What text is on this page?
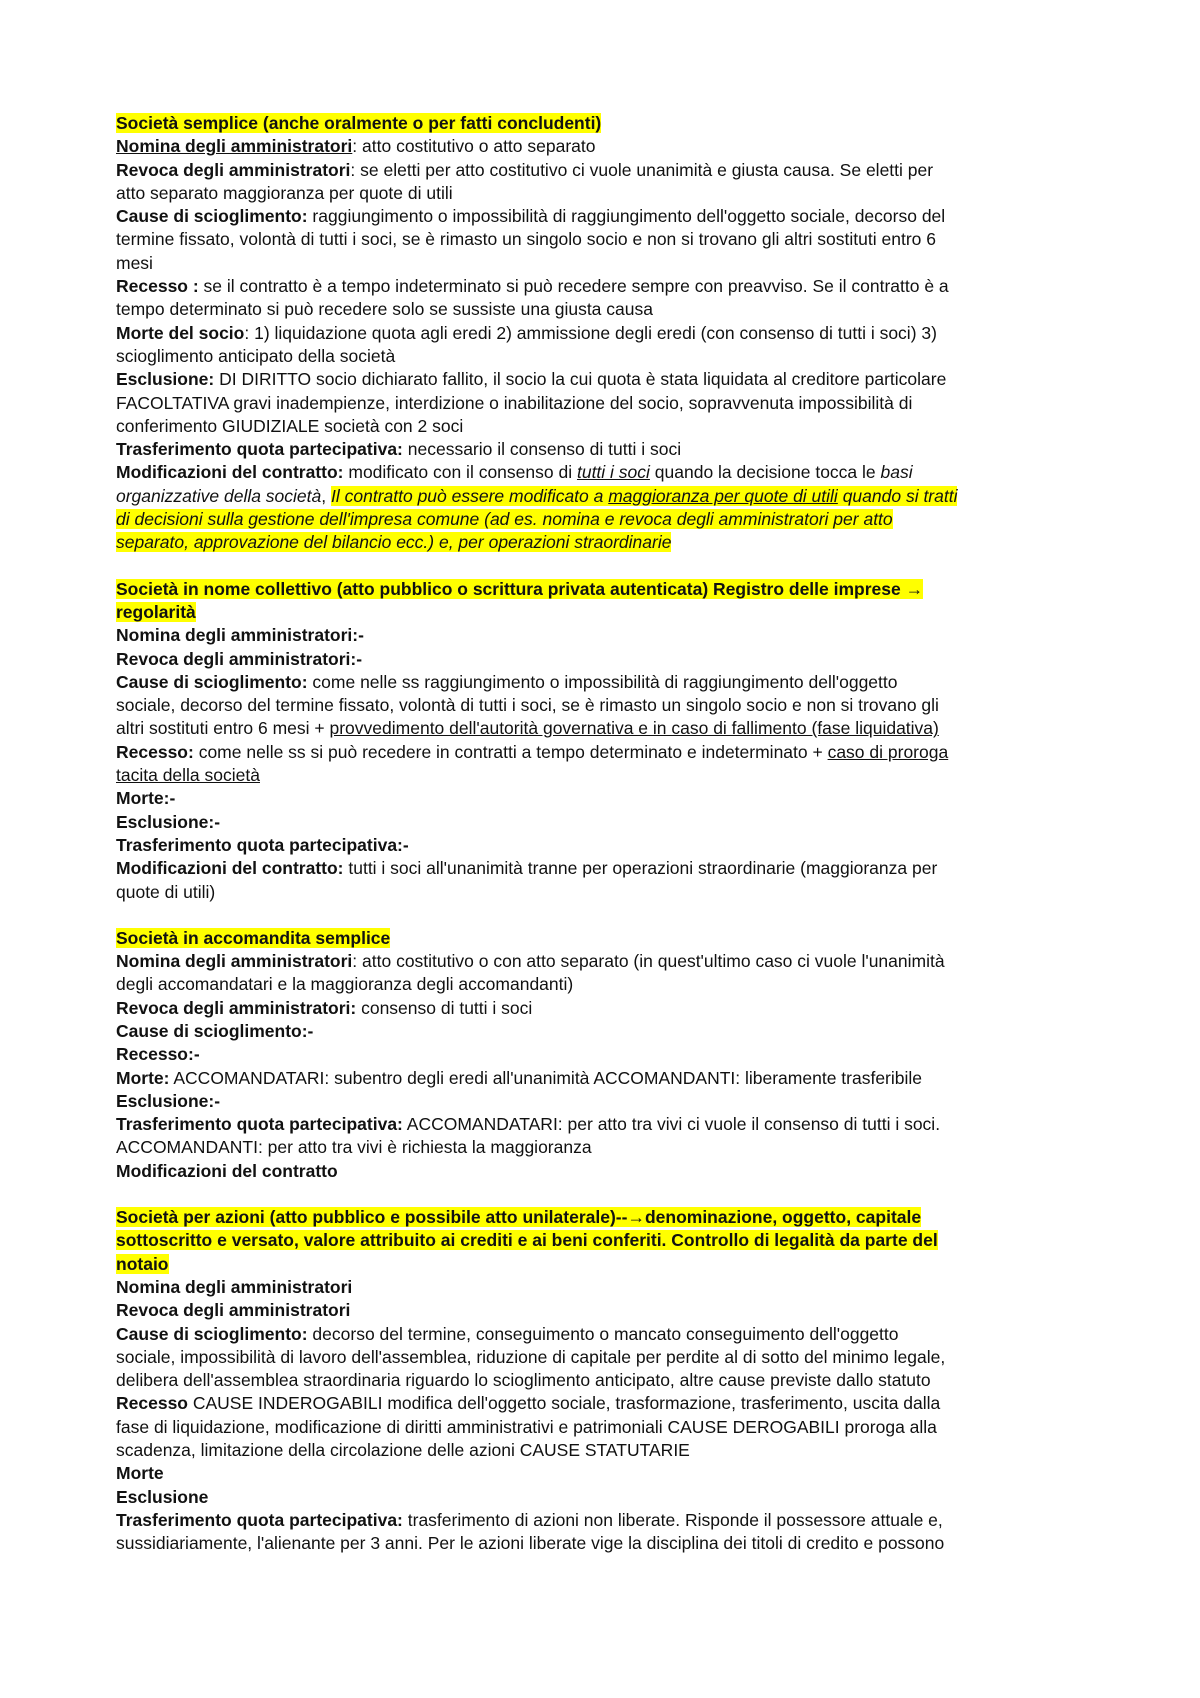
Società semplice (anche oralmente o per fatti concludenti)
Nomina degli amministratori: atto costitutivo o atto separato
Revoca degli amministratori: se eletti per atto costitutivo ci vuole unanimità e giusta causa. Se eletti per
atto separato maggioranza per quote di utili
Cause di scioglimento: raggiungimento o impossibilità di raggiungimento dell'oggetto sociale, decorso del
termine fissato, volontà di tutti i soci, se è rimasto un singolo socio e non si trovano gli altri sostituti entro 6
mesi
Recesso : se il contratto è a tempo indeterminato si può recedere sempre con preavviso. Se il contratto è a
tempo determinato si può recedere solo se sussiste una giusta causa
Morte del socio: 1) liquidazione quota agli eredi 2) ammissione degli eredi (con consenso di tutti i soci) 3)
scioglimento anticipato della società
Esclusione: DI DIRITTO socio dichiarato fallito, il socio la cui quota è stata liquidata al creditore particolare
FACOLTATIVA gravi inadempienze, interdizione o inabilitazione del socio, sopravvenuta impossibilità di
conferimento GIUDIZIALE società con 2 soci
Trasferimento quota partecipativa: necessario il consenso di tutti i soci
Modificazioni del contratto: modificato con il consenso di tutti i soci quando la decisione tocca le basi
organizzative della società, Il contratto può essere modificato a maggioranza per quote di utili quando si tratti
di decisioni sulla gestione dell'impresa comune (ad es. nomina e revoca degli amministratori per atto
separato, approvazione del bilancio ecc.) e, per operazioni straordinarie
Società in nome collettivo (atto pubblico o scrittura privata autenticata) Registro delle imprese →
regolarità
Nomina degli amministratori:-
Revoca degli amministratori:-
Cause di scioglimento: come nelle ss raggiungimento o impossibilità di raggiungimento dell'oggetto
sociale, decorso del termine fissato, volontà di tutti i soci, se è rimasto un singolo socio e non si trovano gli
altri sostituti entro 6 mesi + provvedimento dell'autorità governativa e in caso di fallimento (fase liquidativa)
Recesso: come nelle ss si può recedere in contratti a tempo determinato e indeterminato + caso di proroga
tacita della società
Morte:-
Esclusione:-
Trasferimento quota partecipativa:-
Modificazioni del contratto: tutti i soci all'unanimità tranne per operazioni straordinarie (maggioranza per
quote di utili)
Società in accomandita semplice
Nomina degli amministratori: atto costitutivo o con atto separato (in quest'ultimo caso ci vuole l'unanimità
degli accomandatari e la maggioranza degli accomandanti)
Revoca degli amministratori: consenso di tutti i soci
Cause di scioglimento:-
Recesso:-
Morte: ACCOMANDATARI: subentro degli eredi all'unanimità ACCOMANDANTI: liberamente trasferibile
Esclusione:-
Trasferimento quota partecipativa: ACCOMANDATARI: per atto tra vivi ci vuole il consenso di tutti i soci.
ACCOMANDANTI: per atto tra vivi è richiesta la maggioranza
Modificazioni del contratto
Società per azioni (atto pubblico e possibile atto unilaterale)--→denominazione, oggetto, capitale
sottoscritto e versato, valore attribuito ai crediti e ai beni conferiti. Controllo di legalità da parte del
notaio
Nomina degli amministratori
Revoca degli amministratori
Cause di scioglimento: decorso del termine, conseguimento o mancato conseguimento dell'oggetto
sociale, impossibilità di lavoro dell'assemblea, riduzione di capitale per perdite al di sotto del minimo legale,
delibera dell'assemblea straordinaria riguardo lo scioglimento anticipato, altre cause previste dallo statuto
Recesso CAUSE INDEROGABILI modifica dell'oggetto sociale, trasformazione, trasferimento, uscita dalla
fase di liquidazione, modificazione di diritti amministrativi e patrimoniali CAUSE DEROGABILI proroga alla
scadenza, limitazione della circolazione delle azioni CAUSE STATUTARIE
Morte
Esclusione
Trasferimento quota partecipativa: trasferimento di azioni non liberate. Risponde il possessore attuale e,
sussidiariamente, l'alienante per 3 anni. Per le azioni liberate vige la disciplina dei titoli di credito e possono
